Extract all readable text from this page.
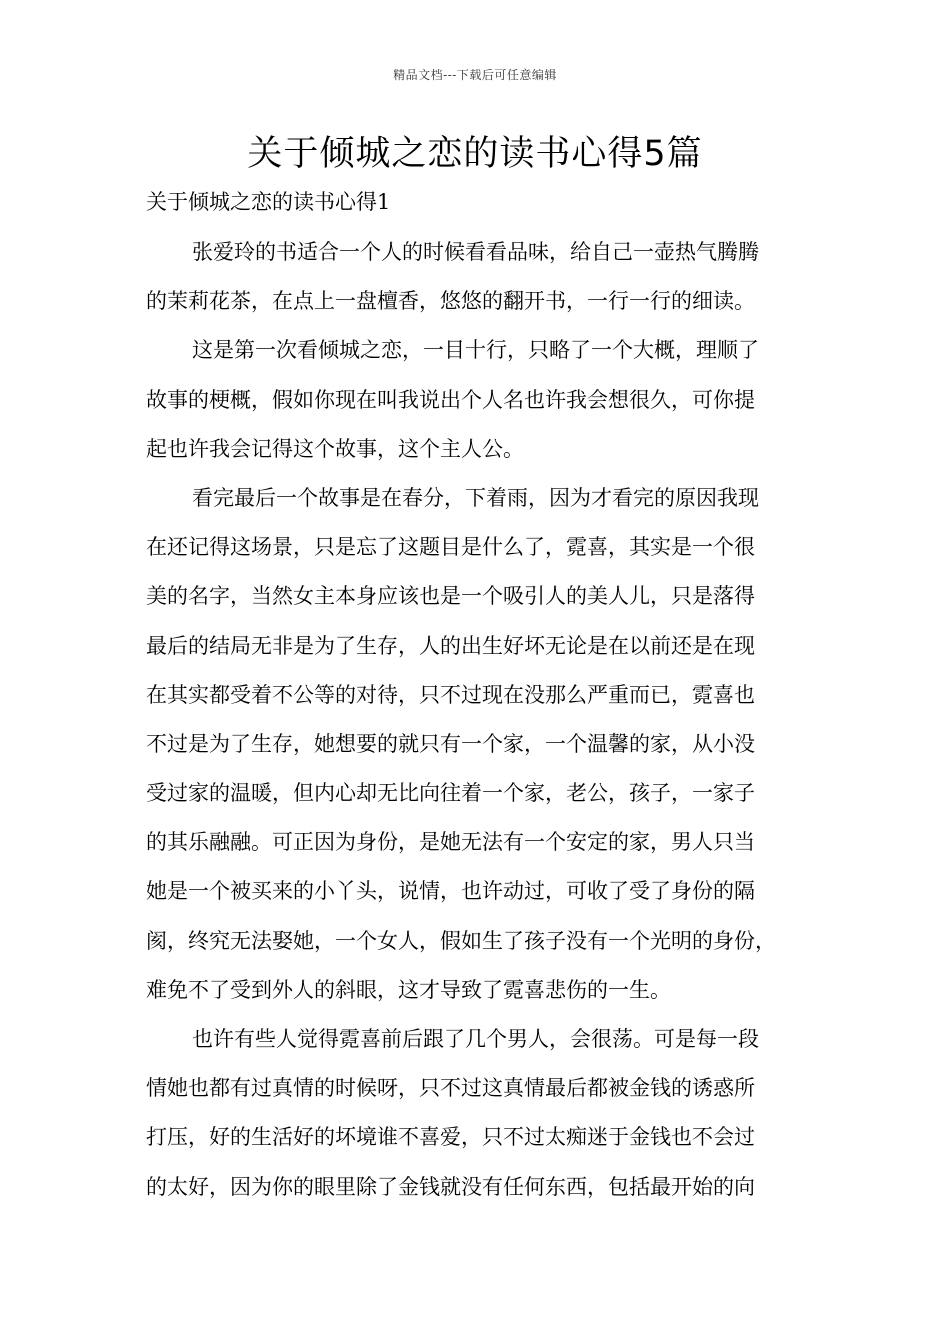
精品文档---下载后可任意编辑
关于倾城之恋的读书心得5篇
关于倾城之恋的读书心得1
张爱玲的书适合一个人的时候看看品味，给自己一壶热气腾腾
的茉莉花茶，在点上一盘檀香，悠悠的翻开书，一行一行的细读。
这是第一次看倾城之恋，一目十行，只略了一个大概，理顺了
故事的梗概，假如你现在叫我说出个人名也许我会想很久，可你提
起也许我会记得这个故事，这个主人公。
看完最后一个故事是在春分，下着雨，因为才看完的原因我现
在还记得这场景，只是忘了这题目是什么了，霓喜，其实是一个很
美的名字，当然女主本身应该也是一个吸引人的美人儿，只是落得
最后的结局无非是为了生存，人的出生好坏无论是在以前还是在现
在其实都受着不公等的对待，只不过现在没那么严重而已，霓喜也
不过是为了生存，她想要的就只有一个家，一个温馨的家，从小没
受过家的温暖，但内心却无比向往着一个家，老公，孩子，一家子
的其乐融融。可正因为身份，是她无法有一个安定的家，男人只当
她是一个被买来的小丫头，说情，也许动过，可收了受了身份的隔
阂，终究无法娶她，一个女人，假如生了孩子没有一个光明的身份，
难免不了受到外人的斜眼，这才导致了霓喜悲伤的一生。
也许有些人觉得霓喜前后跟了几个男人，会很荡。可是每一段
情她也都有过真情的时候呀，只不过这真情最后都被金钱的诱惑所
打压，好的生活好的坏境谁不喜爱，只不过太痴迷于金钱也不会过
的太好，因为你的眼里除了金钱就没有任何东西，包括最开始的向
